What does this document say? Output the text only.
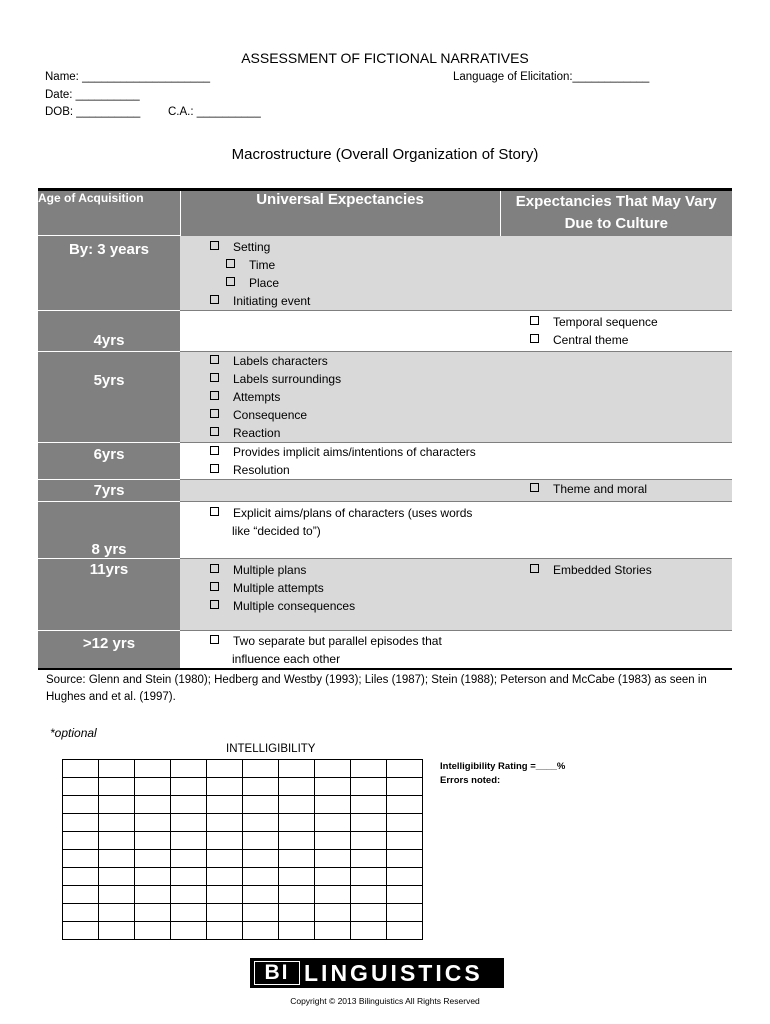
ASSESSMENT OF FICTIONAL NARRATIVES
Name: ____________________	Language of Elicitation:____________
Date: __________
DOB: __________ C.A.: __________
Macrostructure (Overall Organization of Story)
Age of Acquisition	Universal Expectancies	Expectancies That May Vary
Due to Culture

By: 3 years	Setting
Time
Place
Initiating event	

4yrs		Temporal sequence
Central theme

5yrs	Labels characters
Labels surroundings
Attempts
Consequence
Reaction	

6yrs	Provides implicit aims/intentions of characters
Resolution	

7yrs		Theme and moral

8 yrs	Explicit aims/plans of characters (uses words
like “decided to”)	

11yrs	Multiple plans
Multiple attempts
Multiple consequences	Embedded Stories

>12 yrs	Two separate but parallel episodes that
influence each other	

Source: Glenn and Stein (1980); Hedberg and Westby (1993); Liles (1987); Stein (1988); Peterson and McCabe (1983) as seen in Hughes and et al. (1997).
*optional
INTELLIGIBILITY

Intelligibility Rating =____%
Errors noted:
BI LINGUISTICS
Copyright © 2013 Bilinguistics All Rights Reserved
